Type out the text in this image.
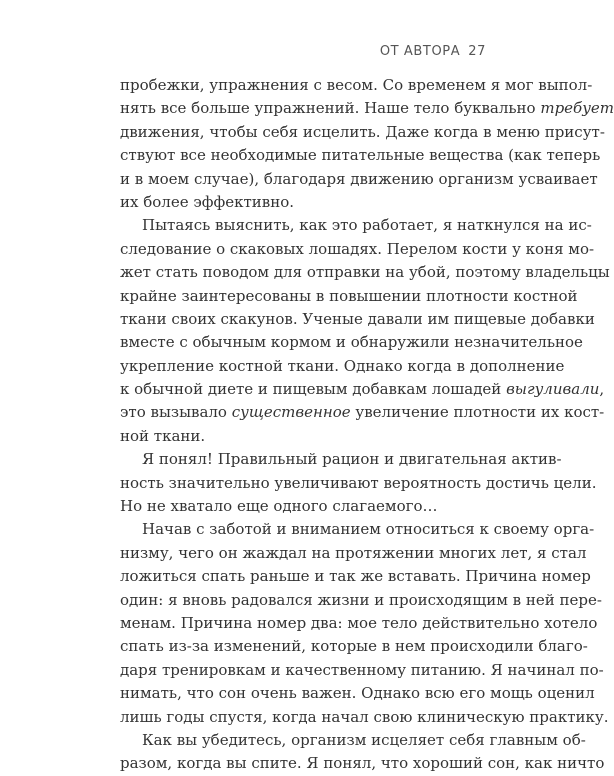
ОТ АВТОРА 27
пробежки, упражнения с весом. Со временем я мог выпол-
нять все больше упражнений. Наше тело буквально требует
движения, чтобы себя исцелить. Даже когда в меню присут-
ствуют все необходимые питательные вещества (как теперь
и в моем случае), благодаря движению организм усваивает
их более эффективно.
Пытаясь выяснить, как это работает, я наткнулся на ис-
следование о скаковых лошадях. Перелом кости у коня мо-
жет стать поводом для отправки на убой, поэтому владельцы
крайне заинтересованы в повышении плотности костной
ткани своих скакунов. Ученые давали им пищевые добавки
вместе с обычным кормом и обнаружили незначительное
укрепление костной ткани. Однако когда в дополнение
к обычной диете и пищевым добавкам лошадей выгуливали,
это вызывало существенное увеличение плотности их кост-
ной ткани.
Я понял! Правильный рацион и двигательная актив-
ность значительно увеличивают вероятность достичь цели.
Но не хватало еще одного слагаемого…
Начав с заботой и вниманием относиться к своему орга-
низму, чего он жаждал на протяжении многих лет, я стал
ложиться спать раньше и так же вставать. Причина номер
один: я вновь радовался жизни и происходящим в ней пере-
менам. Причина номер два: мое тело действительно хотело
спать из-за изменений, которые в нем происходили благо-
даря тренировкам и качественному питанию. Я начинал по-
нимать, что сон очень важен. Однако всю его мощь оценил
лишь годы спустя, когда начал свою клиническую практику.
Как вы убедитесь, организм исцеляет себя главным об-
разом, когда вы спите. Я понял, что хороший сон, как ничто
